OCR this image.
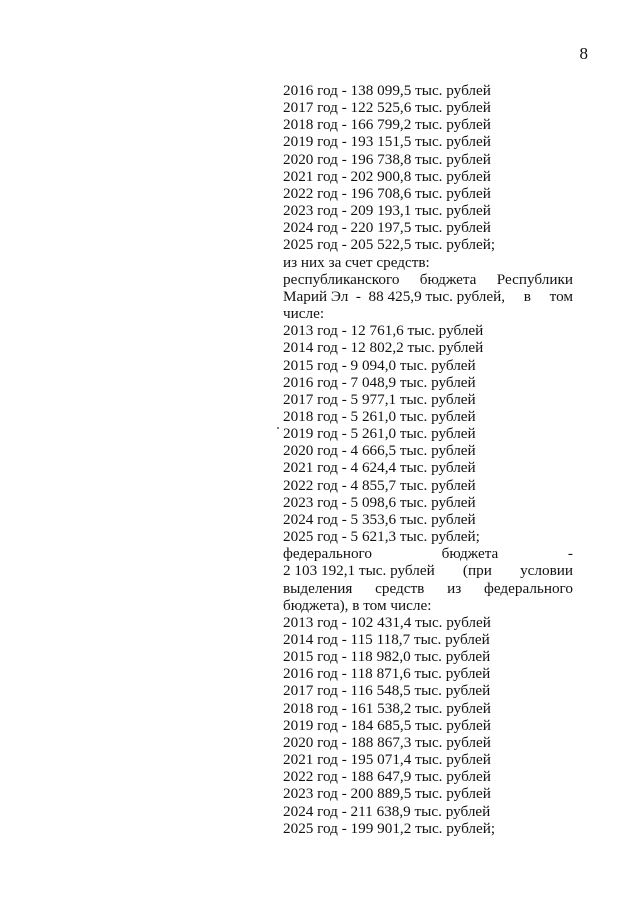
8
2016 год - 138 099,5 тыс. рублей
2017 год - 122 525,6 тыс. рублей
2018 год - 166 799,2 тыс. рублей
2019 год - 193 151,5 тыс. рублей
2020 год - 196 738,8 тыс. рублей
2021 год - 202 900,8 тыс. рублей
2022 год - 196 708,6 тыс. рублей
2023 год - 209 193,1 тыс. рублей
2024 год - 220 197,5 тыс. рублей
2025 год - 205 522,5 тыс. рублей;
из них за счет средств:
республиканского бюджета Республики
Марий Эл  -  88 425,9 тыс. рублей, в том
числе:
2013 год - 12 761,6 тыс. рублей
2014 год - 12 802,2 тыс. рублей
2015 год - 9 094,0 тыс. рублей
2016 год - 7 048,9 тыс. рублей
2017 год - 5 977,1 тыс. рублей
2018 год - 5 261,0 тыс. рублей
2019 год - 5 261,0 тыс. рублей
2020 год - 4 666,5 тыс. рублей
2021 год - 4 624,4 тыс. рублей
2022 год - 4 855,7 тыс. рублей
2023 год - 5 098,6 тыс. рублей
2024 год - 5 353,6 тыс. рублей
2025 год - 5 621,3 тыс. рублей;
федерального	бюджета	-
2 103 192,1 тыс. рублей (при условии
выделения средств из федерального
бюджета), в том числе:
2013 год - 102 431,4 тыс. рублей
2014 год - 115 118,7 тыс. рублей
2015 год - 118 982,0 тыс. рублей
2016 год - 118 871,6 тыс. рублей
2017 год - 116 548,5 тыс. рублей
2018 год - 161 538,2 тыс. рублей
2019 год - 184 685,5 тыс. рублей
2020 год - 188 867,3 тыс. рублей
2021 год - 195 071,4 тыс. рублей
2022 год - 188 647,9 тыс. рублей
2023 год - 200 889,5 тыс. рублей
2024 год - 211 638,9 тыс. рублей
2025 год - 199 901,2 тыс. рублей;
